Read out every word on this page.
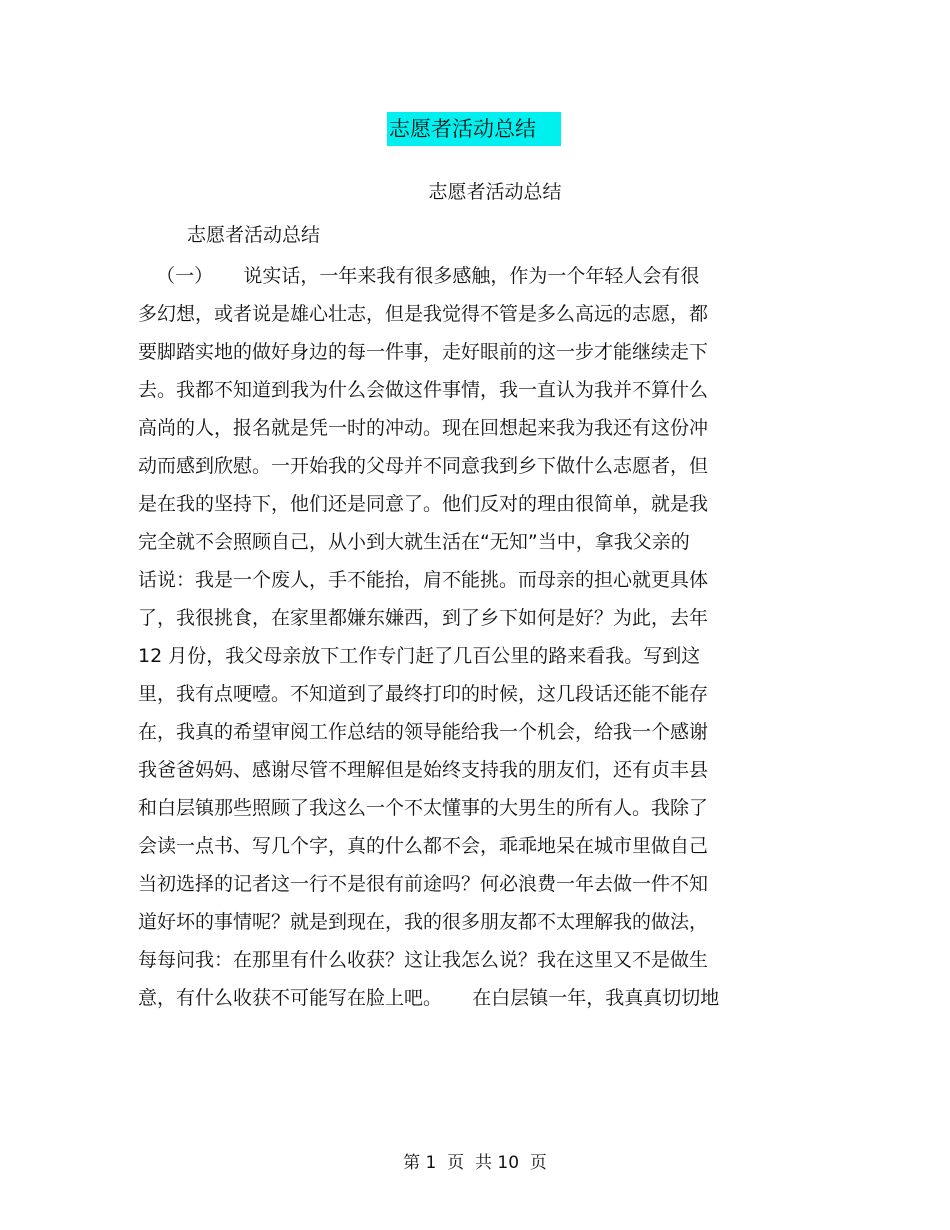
志愿者活动总结
志愿者活动总结
志愿者活动总结
（一）     说实话，一年来我有很多感触，作为一个年轻人会有很
多幻想，或者说是雄心壮志，但是我觉得不管是多么高远的志愿，都
要脚踏实地的做好身边的每一件事，走好眼前的这一步才能继续走下
去。我都不知道到我为什么会做这件事情，我一直认为我并不算什么
高尚的人，报名就是凭一时的冲动。现在回想起来我为我还有这份冲
动而感到欣慰。一开始我的父母并不同意我到乡下做什么志愿者，但
是在我的坚持下，他们还是同意了。他们反对的理由很简单，就是我
完全就不会照顾自己，从小到大就生活在“无知”当中，拿我父亲的
话说：我是一个废人，手不能抬，肩不能挑。而母亲的担心就更具体
了，我很挑食，在家里都嫌东嫌西，到了乡下如何是好？为此，去年
12 月份，我父母亲放下工作专门赶了几百公里的路来看我。写到这
里，我有点哽噎。不知道到了最终打印的时候，这几段话还能不能存
在，我真的希望审阅工作总结的领导能给我一个机会，给我一个感谢
我爸爸妈妈、感谢尽管不理解但是始终支持我的朋友们，还有贞丰县
和白层镇那些照顾了我这么一个不太懂事的大男生的所有人。我除了
会读一点书、写几个字，真的什么都不会，乖乖地呆在城市里做自己
当初选择的记者这一行不是很有前途吗？何必浪费一年去做一件不知
道好坏的事情呢？就是到现在，我的很多朋友都不太理解我的做法，
每每问我：在那里有什么收获？这让我怎么说？我在这里又不是做生
意，有什么收获不可能写在脸上吧。     在白层镇一年，我真真切切地
第 1  页  共 10  页
